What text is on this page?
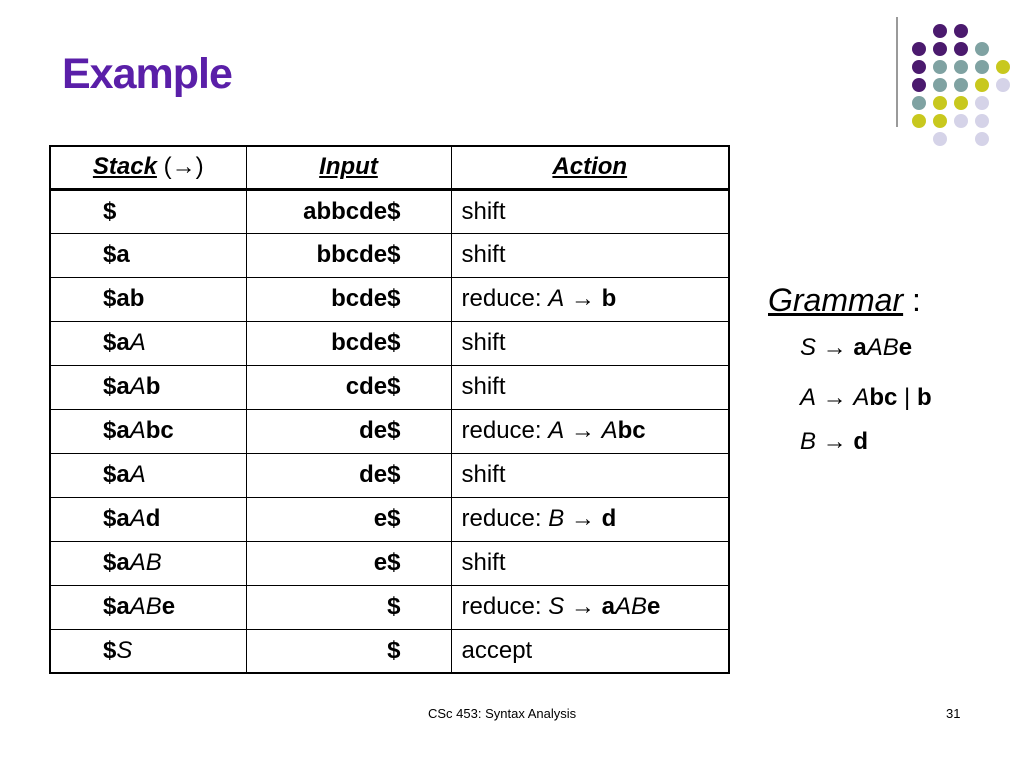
Example
Stack (→)	Input	Action
$	abbcde$	shift
$a	bbcde$	shift
$ab	bcde$	reduce: A → b
$aA	bcde$	shift
$aAb	cde$	shift
$aAbc	de$	reduce: A → Abc
$aA	de$	shift
$aAd	e$	reduce: B → d
$aAB	e$	shift
$aABe	$	reduce: S → aABe
$S	$	accept
Grammar :
S → aABe
A → Abc | b
B → d
CSc 453: Syntax Analysis	31
